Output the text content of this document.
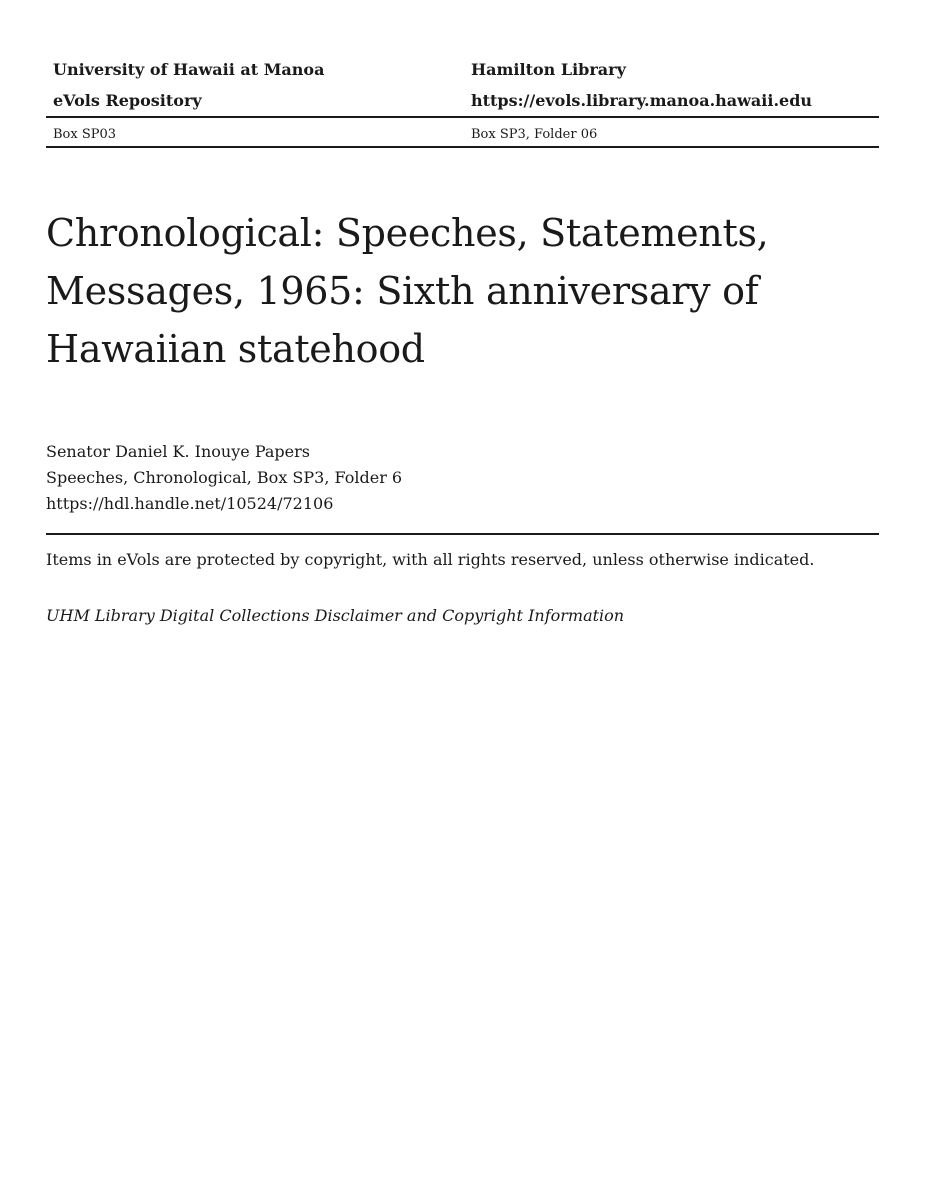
University of Hawaii at Manoa	Hamilton Library
eVols Repository	https://evols.library.manoa.hawaii.edu
Box SP03	Box SP3, Folder 06
Chronological: Speeches, Statements, Messages, 1965: Sixth anniversary of Hawaiian statehood
Senator Daniel K. Inouye Papers
Speeches, Chronological, Box SP3, Folder 6
https://hdl.handle.net/10524/72106
Items in eVols are protected by copyright, with all rights reserved, unless otherwise indicated.
UHM Library Digital Collections Disclaimer and Copyright Information
